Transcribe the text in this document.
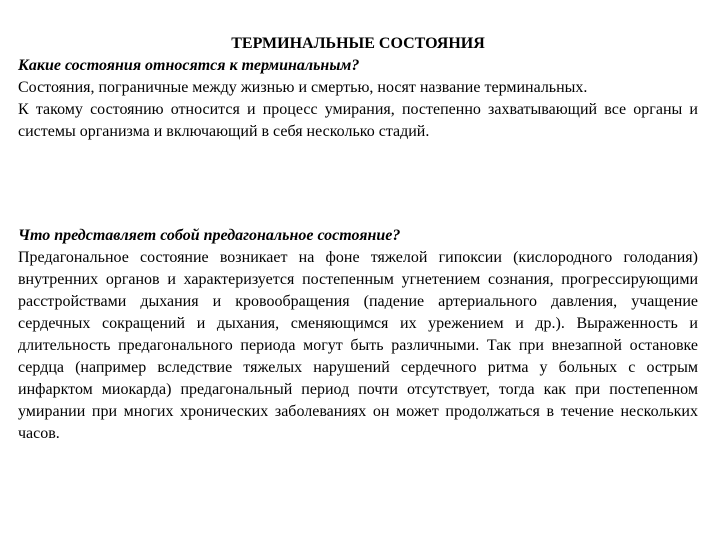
ТЕРМИНАЛЬНЫЕ СОСТОЯНИЯ
Какие состояния относятся к терминальным?
Состояния, пограничные между жизнью и смертью, носят название терминальных.

К такому состоянию относится и процесс умирания, постепенно захватывающий все органы и системы организма и включающий в себя несколько стадий.

Что представляет собой предагональное состояние?

Предагональное состояние возникает на фоне тяжелой гипоксии (кислородного голодания) внутренних органов и характеризуется постепенным угнетением сознания, прогрессирующими расстройствами дыхания и кровообращения (падение артериального давления, учащение сердечных сокращений и дыхания, сменяющимся их урежением и др.). Выраженность и длительность предагонального периода могут быть различными. Так при внезапной остановке сердца (например вследствие тяжелых нарушений сердечного ритма у больных с острым инфарктом миокарда) предагональный период почти отсутствует, тогда как при постепенном умирании при многих хронических заболеваниях он может продолжаться в течение нескольких часов.
